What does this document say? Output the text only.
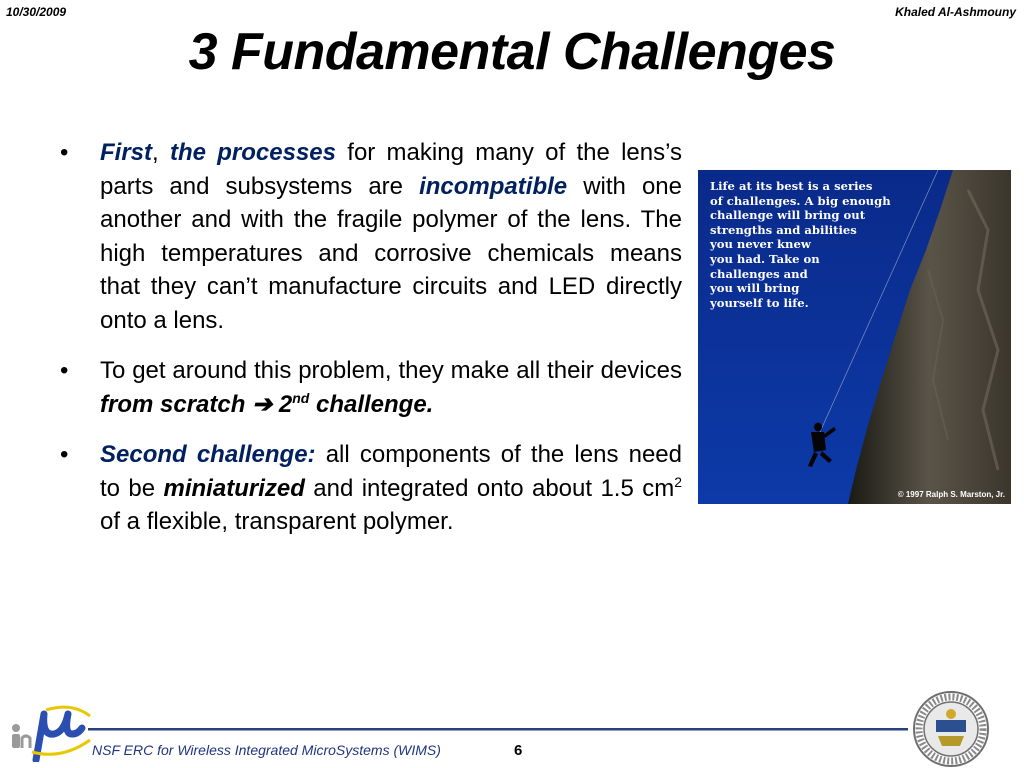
10/30/2009	Khaled Al-Ashmouny
3 Fundamental Challenges
• First, the processes for making many of the lens’s parts and subsystems are incompatible with one another and with the fragile polymer of the lens. The high temperatures and corrosive chemicals means that they can’t manufacture circuits and LED directly onto a lens.
• To get around this problem, they make all their devices from scratch ➔ 2nd challenge.
• Second challenge: all components of the lens need to be miniaturized and integrated onto about 1.5 $cm^2$ of a flexible, transparent polymer.
Life at its best is a series
of challenges. A big enough
challenge will bring out
strengths and abilities
you never knew
you had. Take on
challenges and
you will bring
yourself to life.
© 1997 Ralph S. Marston, Jr.
NSF ERC for Wireless Integrated MicroSystems (WIMS)	6
